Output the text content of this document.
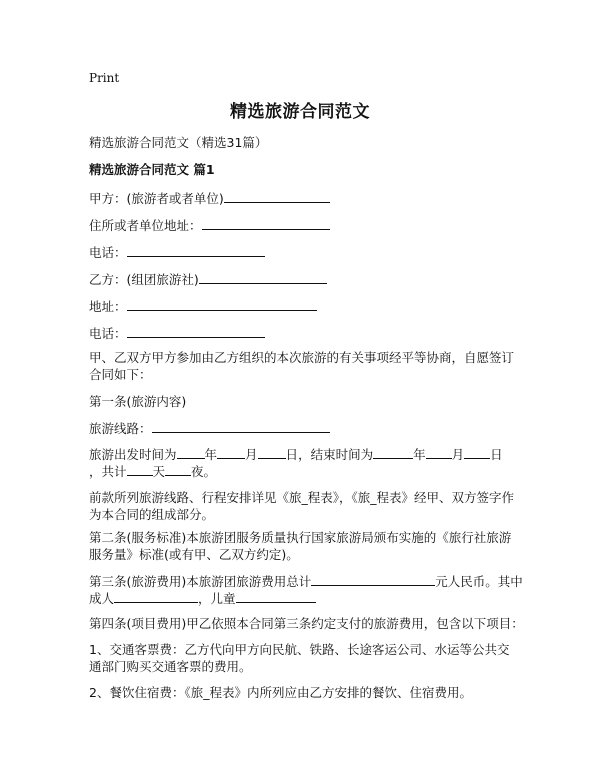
Print
精选旅游合同范文
精选旅游合同范文（精选31篇）
精选旅游合同范文 篇1
甲方：(旅游者或者单位)
住所或者单位地址：
电话：
乙方：(组团旅游社)
地址：
电话：
甲、乙双方甲方参加由乙方组织的本次旅游的有关事项经平等协商，自愿签订合同如下：
第一条(旅游内容)
旅游线路：
旅游出发时间为 年 月 日，结束时间为	年 月 日
，共计 天 夜。
前款所列旅游线路、行程安排详见《旅_程表》，《旅_程表》经甲、双方签字作为本合同的组成部分。
第二条(服务标准)本旅游团服务质量执行国家旅游局颁布实施的《旅行社旅游服务量》标准(或有甲、乙双方约定)。
第三条(旅游费用)本旅游团旅游费用总计	元人民币。其中
成人	，儿童
第四条(项目费用)甲乙依照本合同第三条约定支付的旅游费用，包含以下项目：
1、交通客票费：乙方代向甲方向民航、铁路、长途客运公司、水运等公共交通部门购买交通客票的费用。
2、餐饮住宿费：《旅_程表》内所列应由乙方安排的餐饮、住宿费用。
